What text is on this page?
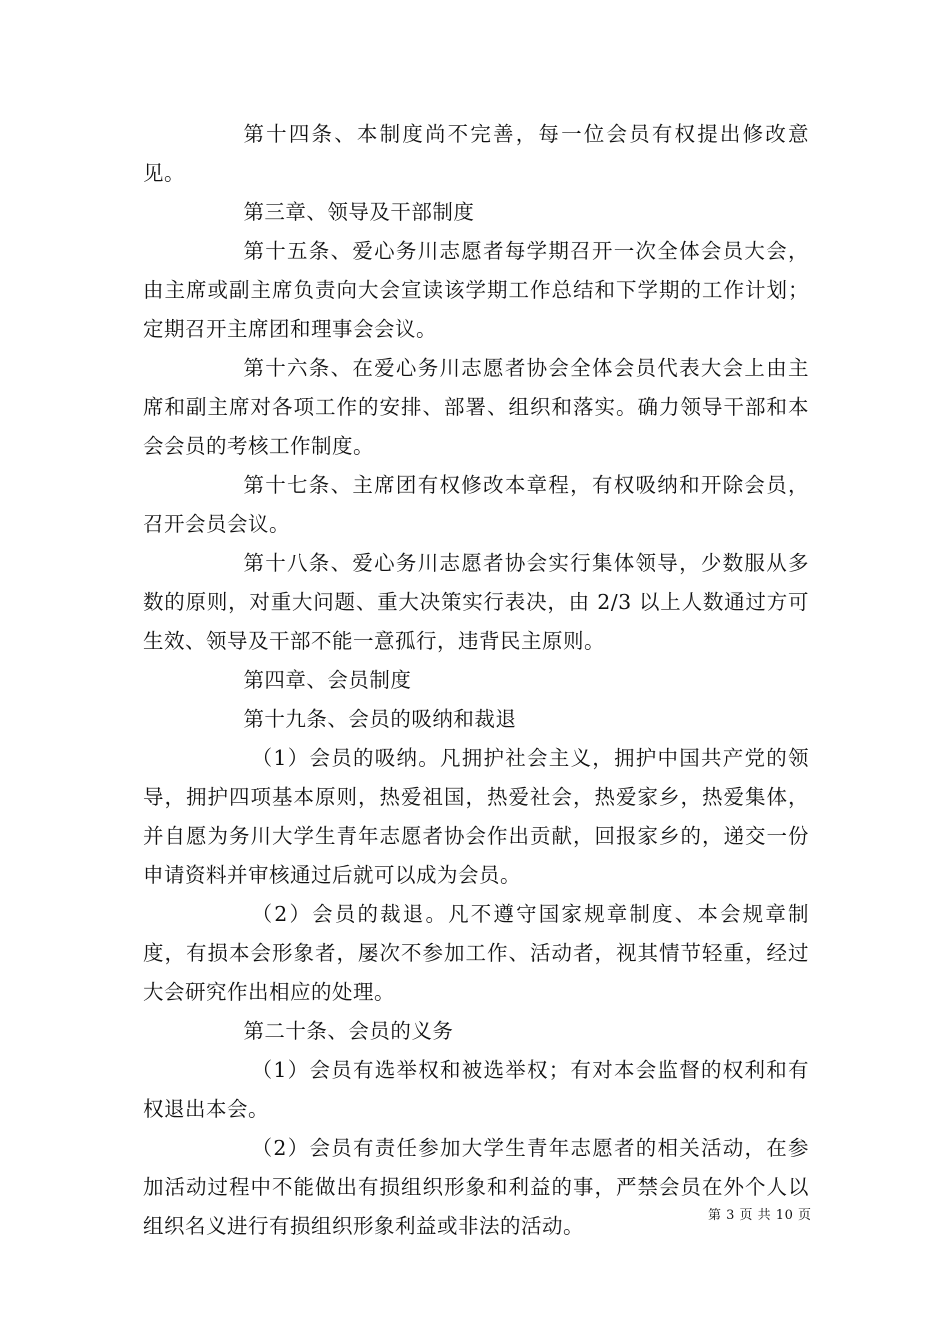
第十四条、本制度尚不完善，每一位会员有权提出修改意见。

第三章、领导及干部制度

第十五条、爱心务川志愿者每学期召开一次全体会员大会，由主席或副主席负责向大会宣读该学期工作总结和下学期的工作计划；定期召开主席团和理事会会议。

第十六条、在爱心务川志愿者协会全体会员代表大会上由主席和副主席对各项工作的安排、部署、组织和落实。确力领导干部和本会会员的考核工作制度。

第十七条、主席团有权修改本章程，有权吸纳和开除会员，召开会员会议。

第十八条、爱心务川志愿者协会实行集体领导，少数服从多数的原则，对重大问题、重大决策实行表决，由 2/3 以上人数通过方可生效、领导及干部不能一意孤行，违背民主原则。

第四章、会员制度

第十九条、会员的吸纳和裁退

（1）会员的吸纳。凡拥护社会主义，拥护中国共产党的领导，拥护四项基本原则，热爱祖国，热爱社会，热爱家乡，热爱集体，并自愿为务川大学生青年志愿者协会作出贡献，回报家乡的，递交一份申请资料并审核通过后就可以成为会员。

（2）会员的裁退。凡不遵守国家规章制度、本会规章制度，有损本会形象者，屡次不参加工作、活动者，视其情节轻重，经过大会研究作出相应的处理。

第二十条、会员的义务

（1）会员有选举权和被选举权；有对本会监督的权利和有权退出本会。

（2）会员有责任参加大学生青年志愿者的相关活动，在参加活动过程中不能做出有损组织形象和利益的事，严禁会员在外个人以组织名义进行有损组织形象利益或非法的活动。	第 3 页 共 10 页
